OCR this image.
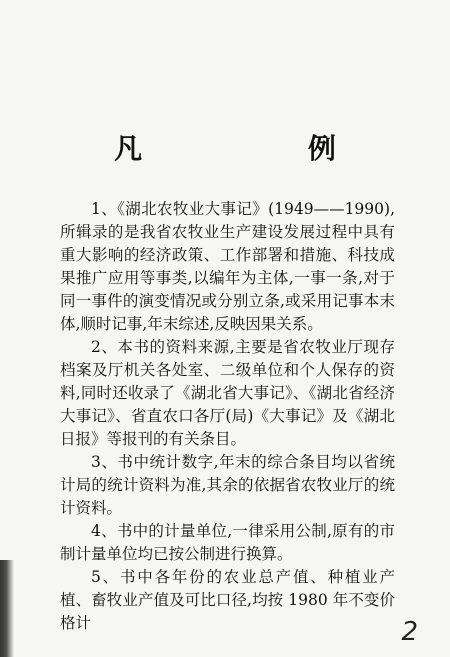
凡 例

1、《湖北农牧业大事记》(1949——1990),所辑录的是我省农牧业生产建设发展过程中具有重大影响的经济政策、工作部署和措施、科技成果推广应用等事类,以编年为主体,一事一条,对于同一事件的演变情况或分别立条,或采用记事本末体,顺时记事,年末综述,反映因果关系。

2、本书的资料来源,主要是省农牧业厅现存档案及厅机关各处室、二级单位和个人保存的资料,同时还收录了《湖北省大事记》、《湖北省经济大事记》、省直农口各厅(局)《大事记》及《湖北日报》等报刊的有关条目。

3、书中统计数字,年末的综合条目均以省统计局的统计资料为准,其余的依据省农牧业厅的统计资料。

4、书中的计量单位,一律采用公制,原有的市制计量单位均已按公制进行换算。

5、书中各年份的农业总产值、种植业产植、畜牧业产值及可比口径,均按 1980 年不变价格计	2
